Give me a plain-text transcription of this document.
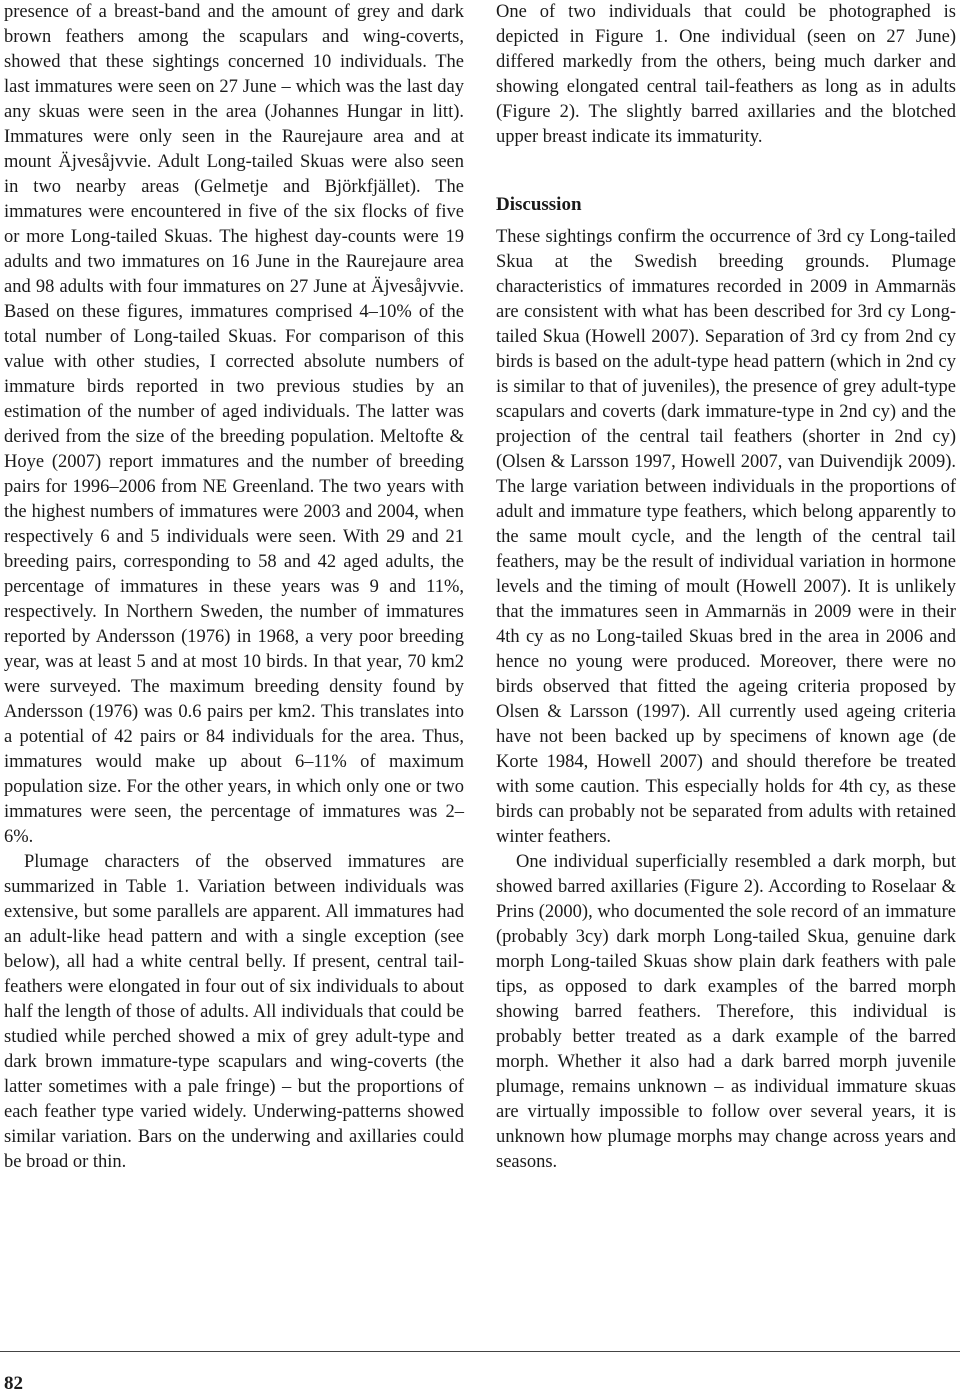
presence of a breast-band and the amount of grey and dark brown feathers among the scapulars and wing-coverts, showed that these sightings concerned 10 individuals. The last immatures were seen on 27 June – which was the last day any skuas were seen in the area (Johannes Hungar in litt). Immatures were only seen in the Raurejaure area and at mount Äjvesåjvvie. Adult Long-tailed Skuas were also seen in two nearby areas (Gelmetje and Björkfjället). The immatures were encountered in five of the six flocks of five or more Long-tailed Skuas. The highest day-counts were 19 adults and two immatures on 16 June in the Raurejaure area and 98 adults with four immatures on 27 June at Äjvesåjvvie. Based on these figures, immatures comprised 4–10% of the total number of Long-tailed Skuas. For comparison of this value with other studies, I corrected absolute numbers of immature birds reported in two previous studies by an estimation of the number of aged individuals. The latter was derived from the size of the breeding population. Meltofte & Hoye (2007) report immatures and the number of breeding pairs for 1996–2006 from NE Greenland. The two years with the highest numbers of immatures were 2003 and 2004, when respectively 6 and 5 individuals were seen. With 29 and 21 breeding pairs, corresponding to 58 and 42 aged adults, the percentage of immatures in these years was 9 and 11%, respectively. In Northern Sweden, the number of immatures reported by Andersson (1976) in 1968, a very poor breeding year, was at least 5 and at most 10 birds. In that year, 70 km2 were surveyed. The maximum breeding density found by Andersson (1976) was 0.6 pairs per km2. This translates into a potential of 42 pairs or 84 individuals for the area. Thus, immatures would make up about 6–11% of maximum population size. For the other years, in which only one or two immatures were seen, the percentage of immatures was 2–6%.

Plumage characters of the observed immatures are summarized in Table 1. Variation between individuals was extensive, but some parallels are apparent. All immatures had an adult-like head pattern and with a single exception (see below), all had a white central belly. If present, central tail-feathers were elongated in four out of six individuals to about half the length of those of adults. All individuals that could be studied while perched showed a mix of grey adult-type and dark brown immature-type scapulars and wing-coverts (the latter sometimes with a pale fringe) – but the proportions of each feather type varied widely. Underwing-patterns showed similar variation. Bars on the underwing and axillaries could be broad or thin.

One of two individuals that could be photographed is depicted in Figure 1. One individual (seen on 27 June) differed markedly from the others, being much darker and showing elongated central tail-feathers as long as in adults (Figure 2). The slightly barred axillaries and the blotched upper breast indicate its immaturity.

Discussion

These sightings confirm the occurrence of 3rd cy Long-tailed Skua at the Swedish breeding grounds. Plumage characteristics of immatures recorded in 2009 in Ammarnäs are consistent with what has been described for 3rd cy Long-tailed Skua (Howell 2007). Separation of 3rd cy from 2nd cy birds is based on the adult-type head pattern (which in 2nd cy is similar to that of juveniles), the presence of grey adult-type scapulars and coverts (dark immature-type in 2nd cy) and the projection of the central tail feathers (shorter in 2nd cy) (Olsen & Larsson 1997, Howell 2007, van Duivendijk 2009). The large variation between individuals in the proportions of adult and immature type feathers, which belong apparently to the same moult cycle, and the length of the central tail feathers, may be the result of individual variation in hormone levels and the timing of moult (Howell 2007). It is unlikely that the immatures seen in Ammarnäs in 2009 were in their 4th cy as no Long-tailed Skuas bred in the area in 2006 and hence no young were produced. Moreover, there were no birds observed that fitted the ageing criteria proposed by Olsen & Larsson (1997). All currently used ageing criteria have not been backed up by specimens of known age (de Korte 1984, Howell 2007) and should therefore be treated with some caution. This especially holds for 4th cy, as these birds can probably not be separated from adults with retained winter feathers.

One individual superficially resembled a dark morph, but showed barred axillaries (Figure 2). According to Roselaar & Prins (2000), who documented the sole record of an immature (probably 3cy) dark morph Long-tailed Skua, genuine dark morph Long-tailed Skuas show plain dark feathers with pale tips, as opposed to dark examples of the barred morph showing barred feathers. Therefore, this individual is probably better treated as a dark example of the barred morph. Whether it also had a dark barred morph juvenile plumage, remains unknown – as individual immature skuas are virtually impossible to follow over several years, it is unknown how plumage morphs may change across years and seasons.

82
